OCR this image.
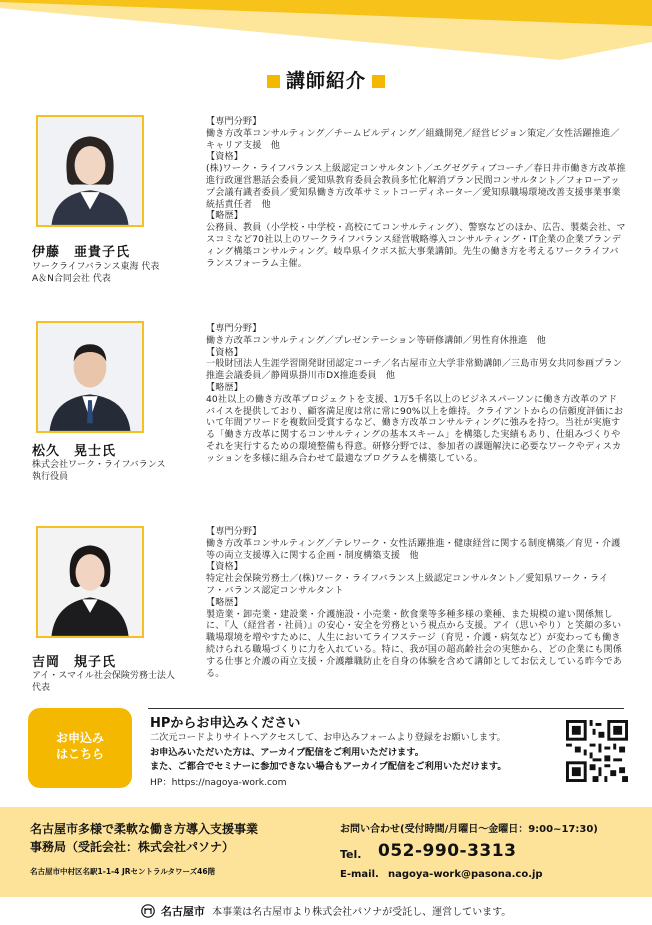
講師紹介
伊藤　亜貴子氏
ワークライフバランス東海 代表
A＆N合同会社 代表
【専門分野】
働き方改革コンサルティング／チームビルディング／組織開発／経営ビジョン策定／女性活躍推進／キャリア支援　他
【資格】
(株)ワーク・ライフバランス上級認定コンサルタント／エグゼグティブコーチ／春日井市働き方改革推進行政運営懇話会委員／愛知県教育委員会教員多忙化解消プラン民間コンサルタント／フォローアップ会議有識者委員／愛知県働き方改革サミットコーディネーター／愛知県職場環境改善支援事業事業統括責任者　他
【略歴】
公務員、教員（小学校・中学校・高校にてコンサルティング）、警察などのほか、広告、製薬会社、マスコミなど70社以上のワークライフバランス経営戦略導入コンサルティング・IT企業の企業ブランディング構築コンサルティング。岐阜県イクボス拡大事業講師。先生の働き方を考えるワークライフバランスフォーラム主催。
松久　晃士氏
株式会社ワーク・ライフバランス
執行役員
【専門分野】
働き方改革コンサルティング／プレゼンテーション等研修講師／男性育休推進　他
【資格】
一般財団法人生涯学習開発財団認定コーチ／名古屋市立大学非常勤講師／三島市男女共同参画プラン推進会議委員／静岡県掛川市DX推進委員　他
【略歴】
40社以上の働き方改革プロジェクトを支援、1万5千名以上のビジネスパーソンに働き方改革のアドバイスを提供しており、顧客満足度は常に常に90%以上を維持。クライアントからの信頼度評価において年間アワードを複数回受賞するなど、働き方改革コンサルティングに強みを持つ。当社が実施する「働き方改革に関するコンサルティングの基本スキーム」を構築した実績もあり、仕組みづくりやそれを実行するための環境整備も得意。研修分野では、参加者の課題解決に必要なワークやディスカッションを多様に組み合わせて最適なプログラムを構築している。
吉岡　規子氏
アイ・スマイル社会保険労務士法人
代表
【専門分野】
働き方改革コンサルティング／テレワーク・女性活躍推進・健康経営に関する制度構築／育児・介護等の両立支援導入に関する企画・制度構築支援　他
【資格】
特定社会保険労務士／(株)ワーク・ライフバランス上級認定コンサルタント／愛知県ワーク・ライフ・バランス認定コンサルタント
【略歴】
製造業・卸売業・建設業・介護施設・小売業・飲食業等多種多様の業種、また規模の違い関係無しに、『人（経営者・社員）』の安心・安全を労務という視点から支援。アイ（思いやり）と笑顔の多い職場環境を増やすために、人生においてライフステージ（育児・介護・病気など）が変わっても働き続けられる職場づくりに力を入れている。特に、我が国の超高齢社会の実態から、どの企業にも関係する仕事と介護の両立支援・介護離職防止を自身の体験を含めて講師としてお伝えしている昨今である。
お申込み
はこちら
HPからお申込みください
二次元コードよりサイトへアクセスして、お申込みフォームより登録をお願いします。
お申込みいただいた方は、アーカイブ配信をご利用いただけます。
また、ご都合でセミナーに参加できない場合もアーカイブ配信をご利用いただけます。
HP：https://nagoya-work.com
名古屋市多様で柔軟な働き方導入支援事業
事務局（受託会社：株式会社パソナ）
名古屋市中村区名駅1-1-4 JRセントラルタワーズ46階
お問い合わせ(受付時間/月曜日～金曜日：9:00~17:30)
Tel. 052-990-3313
E-mail. nagoya-work@pasona.co.jp
名古屋市 本事業は名古屋市より株式会社パソナが受託し、運営しています。
